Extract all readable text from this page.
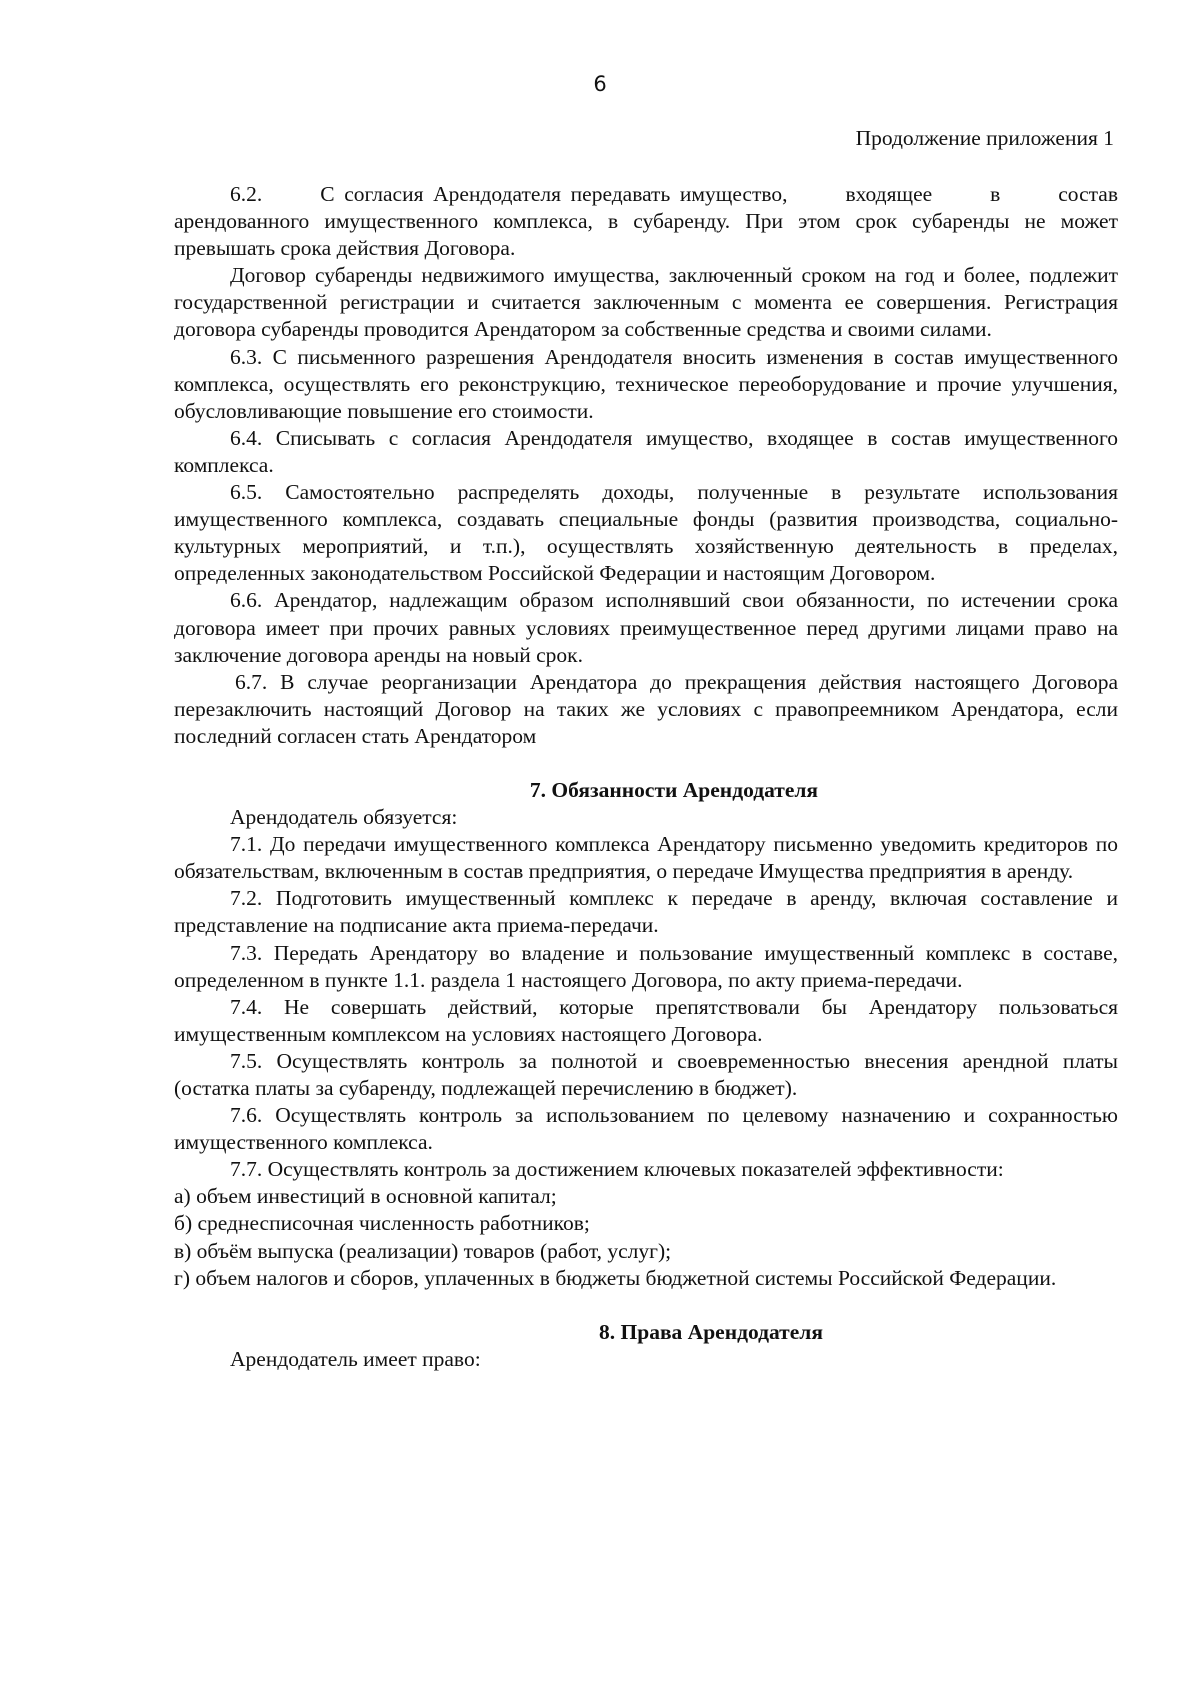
6
Продолжение приложения 1

6.2.      С согласия Арендодателя передавать имущество,      входящее      в      состав арендованного имущественного комплекса, в субаренду. При этом срок субаренды не может превышать срока действия Договора.

Договор субаренды недвижимого имущества, заключенный сроком на год и более, подлежит государственной регистрации и считается заключенным с момента ее совершения. Регистрация договора субаренды проводится Арендатором за собственные средства и своими силами.

6.3. С письменного разрешения Арендодателя вносить изменения в состав имущественного комплекса, осуществлять его реконструкцию, техническое переоборудование и прочие улучшения, обусловливающие повышение его стоимости.

6.4. Списывать с согласия Арендодателя имущество, входящее в состав имущественного комплекса.

6.5. Самостоятельно распределять доходы, полученные в результате использования имущественного комплекса, создавать специальные фонды (развития производства, социально-культурных мероприятий, и т.п.), осуществлять хозяйственную деятельность в пределах, определенных законодательством Российской Федерации и настоящим Договором.

6.6. Арендатор, надлежащим образом исполнявший свои обязанности, по истечении срока договора имеет при прочих равных условиях преимущественное перед другими лицами право на заключение договора аренды на новый срок.

6.7. В случае реорганизации Арендатора до прекращения действия настоящего Договора перезаключить настоящий Договор на таких же условиях с правопреемником Арендатора, если последний согласен стать Арендатором

7. Обязанности Арендодателя

Арендодатель обязуется:

7.1. До передачи имущественного комплекса Арендатору письменно уведомить кредиторов по обязательствам, включенным в состав предприятия, о передаче Имущества предприятия в аренду.

7.2. Подготовить имущественный комплекс к передаче в аренду, включая составление и представление на подписание акта приема-передачи.

7.3. Передать Арендатору во владение и пользование имущественный комплекс в составе, определенном в пункте 1.1. раздела 1 настоящего Договора, по акту приема-передачи.

7.4. Не совершать действий, которые препятствовали бы Арендатору пользоваться имущественным комплексом на условиях настоящего Договора.

7.5. Осуществлять контроль за полнотой и своевременностью внесения арендной платы (остатка платы за субаренду, подлежащей перечислению в бюджет).

7.6. Осуществлять контроль за использованием по целевому назначению и сохранностью имущественного комплекса.

7.7. Осуществлять контроль за достижением ключевых показателей эффективности:

а) объем инвестиций в основной капитал;

б) среднесписочная численность работников;

в) объём выпуска (реализации) товаров (работ, услуг);

г) объем налогов и сборов, уплаченных в бюджеты бюджетной системы Российской Федерации.

8. Права Арендодателя

Арендодатель имеет право:
